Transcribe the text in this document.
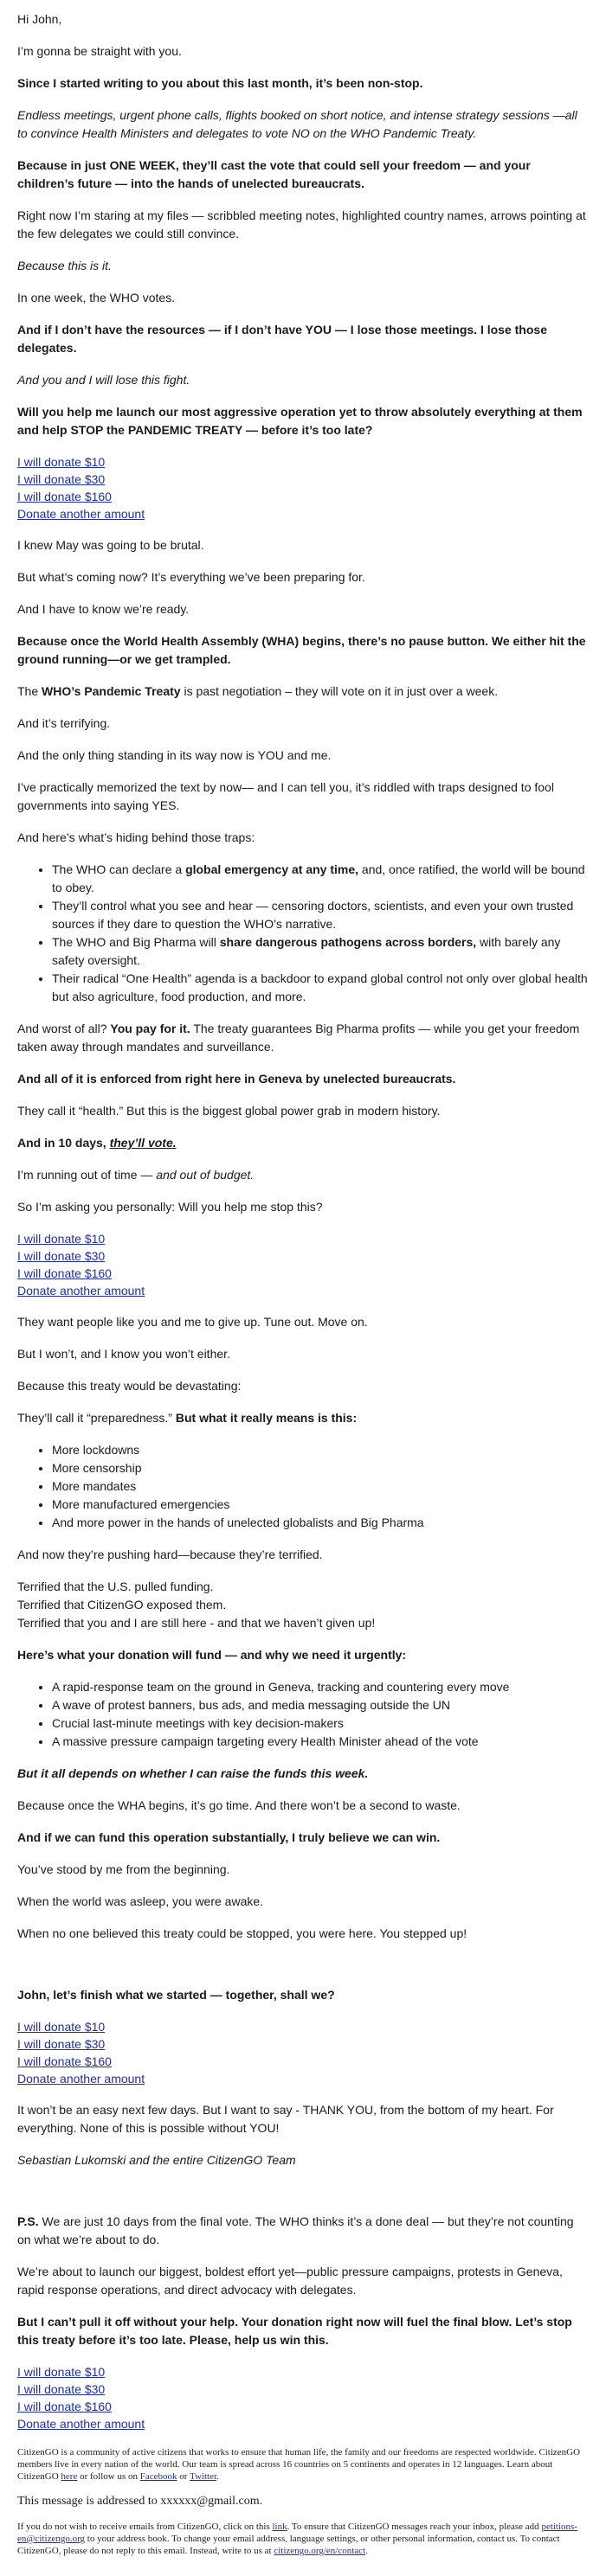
Hi John,

I’m gonna be straight with you.

Since I started writing to you about this last month, it’s been non-stop.

Endless meetings, urgent phone calls, flights booked on short notice, and intense strategy sessions —all to convince Health Ministers and delegates to vote NO on the WHO Pandemic Treaty.

Because in just ONE WEEK, they’ll cast the vote that could sell your freedom — and your children’s future — into the hands of unelected bureaucrats.

Right now I’m staring at my files — scribbled meeting notes, highlighted country names, arrows pointing at the few delegates we could still convince.

Because this is it.

In one week, the WHO votes.

And if I don’t have the resources — if I don’t have YOU — I lose those meetings. I lose those delegates.

And you and I will lose this fight.

Will you help me launch our most aggressive operation yet to throw absolutely everything at them and help STOP the PANDEMIC TREATY — before it’s too late?

I will donate $10
I will donate $30
I will donate $160
Donate another amount

I knew May was going to be brutal.

But what’s coming now? It’s everything we’ve been preparing for.

And I have to know we’re ready.

Because once the World Health Assembly (WHA) begins, there’s no pause button. We either hit the ground running—or we get trampled.

The WHO’s Pandemic Treaty is past negotiation – they will vote on it in just over a week.

And it’s terrifying.

And the only thing standing in its way now is YOU and me.

I’ve practically memorized the text by now— and I can tell you, it’s riddled with traps designed to fool governments into saying YES.

And here’s what’s hiding behind those traps:

• The WHO can declare a global emergency at any time, and, once ratified, the world will be bound to obey.
• They’ll control what you see and hear — censoring doctors, scientists, and even your own trusted sources if they dare to question the WHO’s narrative.
• The WHO and Big Pharma will share dangerous pathogens across borders, with barely any safety oversight.
• Their radical “One Health” agenda is a backdoor to expand global control not only over global health but also agriculture, food production, and more.

And worst of all? You pay for it. The treaty guarantees Big Pharma profits — while you get your freedom taken away through mandates and surveillance.

And all of it is enforced from right here in Geneva by unelected bureaucrats.

They call it “health.” But this is the biggest global power grab in modern history.

And in 10 days, they’ll vote.

I’m running out of time — and out of budget.

So I’m asking you personally: Will you help me stop this?

I will donate $10
I will donate $30
I will donate $160
Donate another amount

They want people like you and me to give up. Tune out. Move on.

But I won’t, and I know you won’t either.

Because this treaty would be devastating:

They’ll call it “preparedness.” But what it really means is this:

• More lockdowns
• More censorship
• More mandates
• More manufactured emergencies
• And more power in the hands of unelected globalists and Big Pharma

And now they’re pushing hard—because they’re terrified.

Terrified that the U.S. pulled funding.
Terrified that CitizenGO exposed them.
Terrified that you and I are still here - and that we haven’t given up!

Here’s what your donation will fund — and why we need it urgently:

• A rapid-response team on the ground in Geneva, tracking and countering every move
• A wave of protest banners, bus ads, and media messaging outside the UN
• Crucial last-minute meetings with key decision-makers
• A massive pressure campaign targeting every Health Minister ahead of the vote

But it all depends on whether I can raise the funds this week.

Because once the WHA begins, it’s go time. And there won’t be a second to waste.

And if we can fund this operation substantially, I truly believe we can win.

You’ve stood by me from the beginning.

When the world was asleep, you were awake.

When no one believed this treaty could be stopped, you were here. You stepped up!

John, let’s finish what we started — together, shall we?

I will donate $10
I will donate $30
I will donate $160
Donate another amount

It won’t be an easy next few days. But I want to say - THANK YOU, from the bottom of my heart. For everything. None of this is possible without YOU!

Sebastian Lukomski and the entire CitizenGO Team

P.S. We are just 10 days from the final vote. The WHO thinks it’s a done deal — but they’re not counting on what we’re about to do.

We’re about to launch our biggest, boldest effort yet—public pressure campaigns, protests in Geneva, rapid response operations, and direct advocacy with delegates.

But I can’t pull it off without your help. Your donation right now will fuel the final blow. Let’s stop this treaty before it’s too late. Please, help us win this.

I will donate $10
I will donate $30
I will donate $160
Donate another amount
CitizenGO is a community of active citizens that works to ensure that human life, the family and our freedoms are respected worldwide. CitizenGO members live in every nation of the world. Our team is spread across 16 countries on 5 continents and operates in 12 languages. Learn about CitizenGO here or follow us on Facebook or Twitter.
This message is addressed to xxxxxx@gmail.com.
If you do not wish to receive emails from CitizenGO, click on this link. To ensure that CitizenGO messages reach your inbox, please add petitions-en@citizengo.org to your address book. To change your email address, language settings, or other personal information, contact us. To contact CitizenGO, please do not reply to this email. Instead, write to us at citizengo.org/en/contact.
